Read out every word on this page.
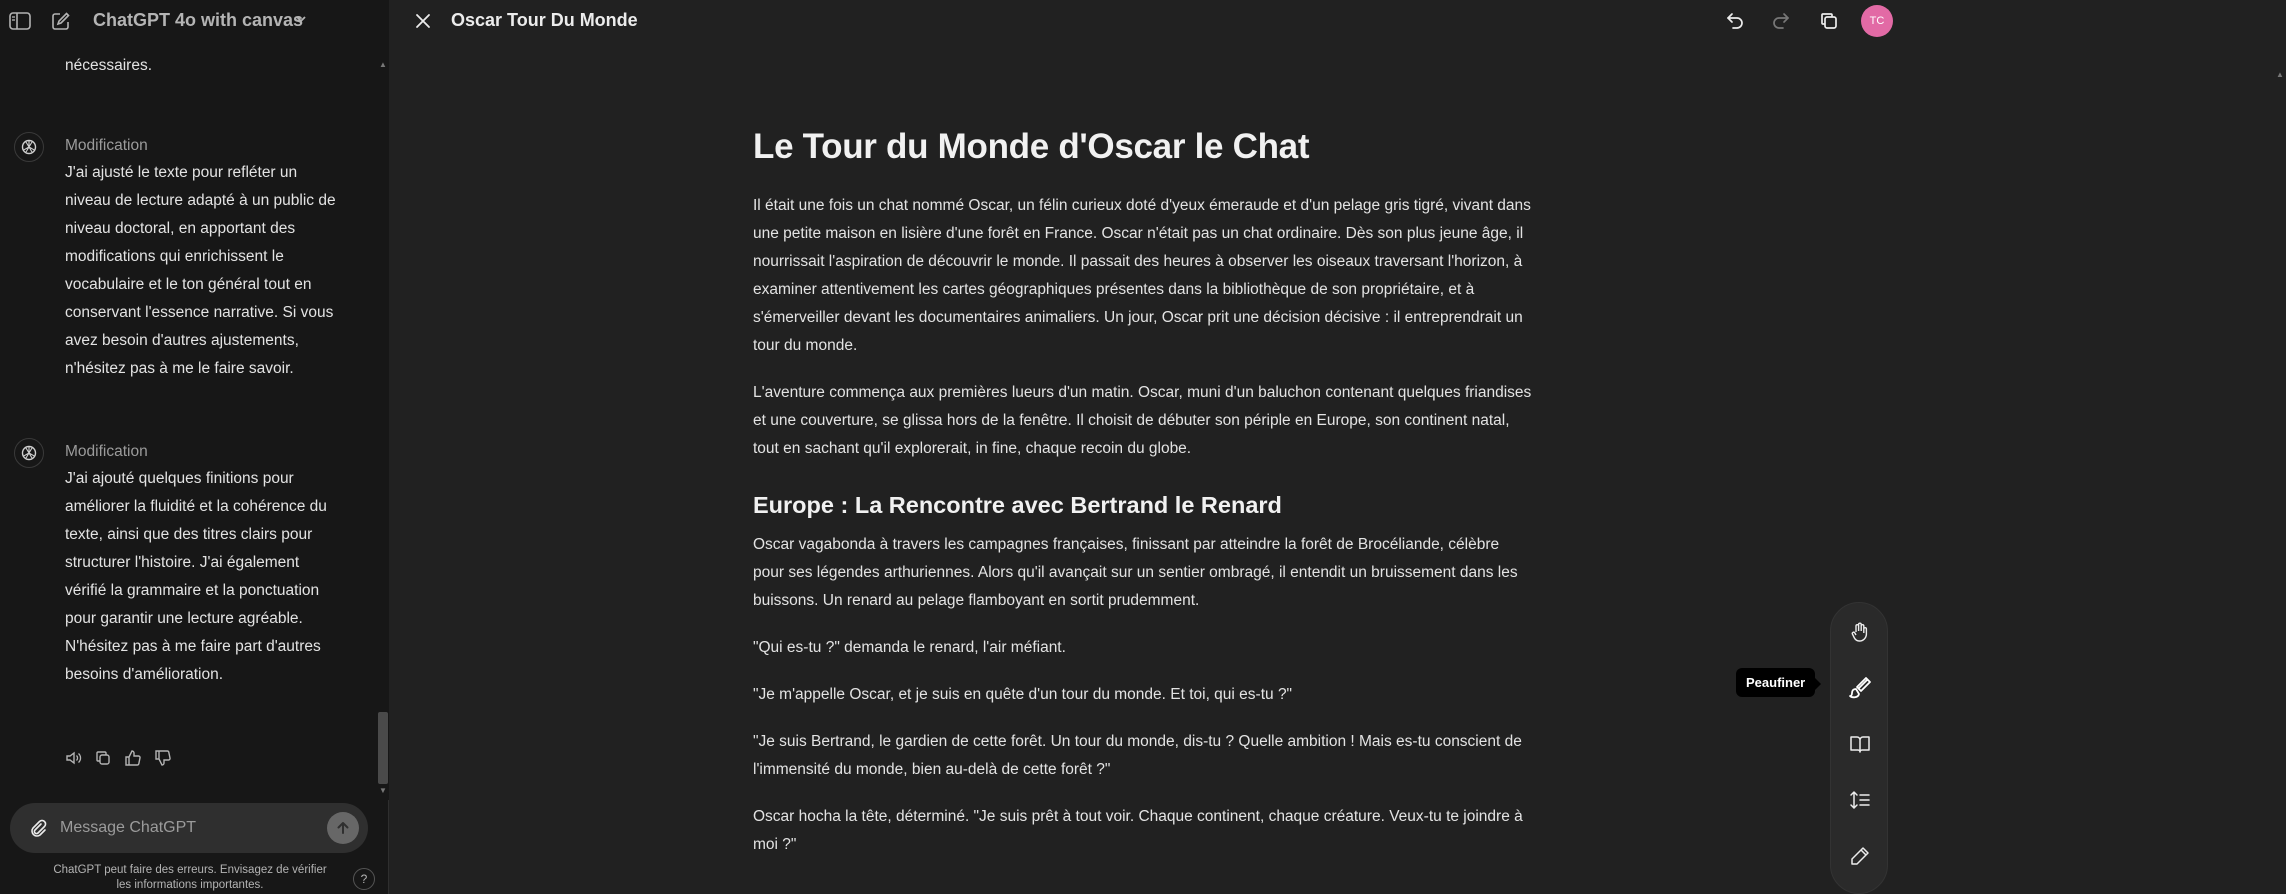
ChatGPT 4o with canvas
nécessaires.
Modification
J'ai ajusté le texte pour refléter un
niveau de lecture adapté à un public de
niveau doctoral, en apportant des
modifications qui enrichissent le
vocabulaire et le ton général tout en
conservant l'essence narrative. Si vous
avez besoin d'autres ajustements,
n'hésitez pas à me le faire savoir.
Modification
J'ai ajouté quelques finitions pour
améliorer la fluidité et la cohérence du
texte, ainsi que des titres clairs pour
structurer l'histoire. J'ai également
vérifié la grammaire et la ponctuation
pour garantir une lecture agréable.
N'hésitez pas à me faire part d'autres
besoins d'amélioration.
▲
▼
Message ChatGPT
ChatGPT peut faire des erreurs. Envisagez de vérifier
les informations importantes.	?
Oscar Tour Du Monde	TC
Le Tour du Monde d'Oscar le Chat

Il était une fois un chat nommé Oscar, un félin curieux doté d'yeux émeraude et d'un pelage gris tigré, vivant dans une petite maison en lisière d'une forêt en France. Oscar n'était pas un chat ordinaire. Dès son plus jeune âge, il nourrissait l'aspiration de découvrir le monde. Il passait des heures à observer les oiseaux traversant l'horizon, à examiner attentivement les cartes géographiques présentes dans la bibliothèque de son propriétaire, et à s'émerveiller devant les documentaires animaliers. Un jour, Oscar prit une décision décisive : il entreprendrait un tour du monde.

L'aventure commença aux premières lueurs d'un matin. Oscar, muni d'un baluchon contenant quelques friandises et une couverture, se glissa hors de la fenêtre. Il choisit de débuter son périple en Europe, son continent natal, tout en sachant qu'il explorerait, in fine, chaque recoin du globe.

Europe : La Rencontre avec Bertrand le Renard

Oscar vagabonda à travers les campagnes françaises, finissant par atteindre la forêt de Brocéliande, célèbre pour ses légendes arthuriennes. Alors qu'il avançait sur un sentier ombragé, il entendit un bruissement dans les buissons. Un renard au pelage flamboyant en sortit prudemment.

"Qui es-tu ?" demanda le renard, l'air méfiant.

"Je m'appelle Oscar, et je suis en quête d'un tour du monde. Et toi, qui es-tu ?"

"Je suis Bertrand, le gardien de cette forêt. Un tour du monde, dis-tu ? Quelle ambition ! Mais es-tu conscient de l'immensité du monde, bien au-delà de cette forêt ?"

Oscar hocha la tête, déterminé. "Je suis prêt à tout voir. Chaque continent, chaque créature. Veux-tu te joindre à moi ?"

▲
Peaufiner
